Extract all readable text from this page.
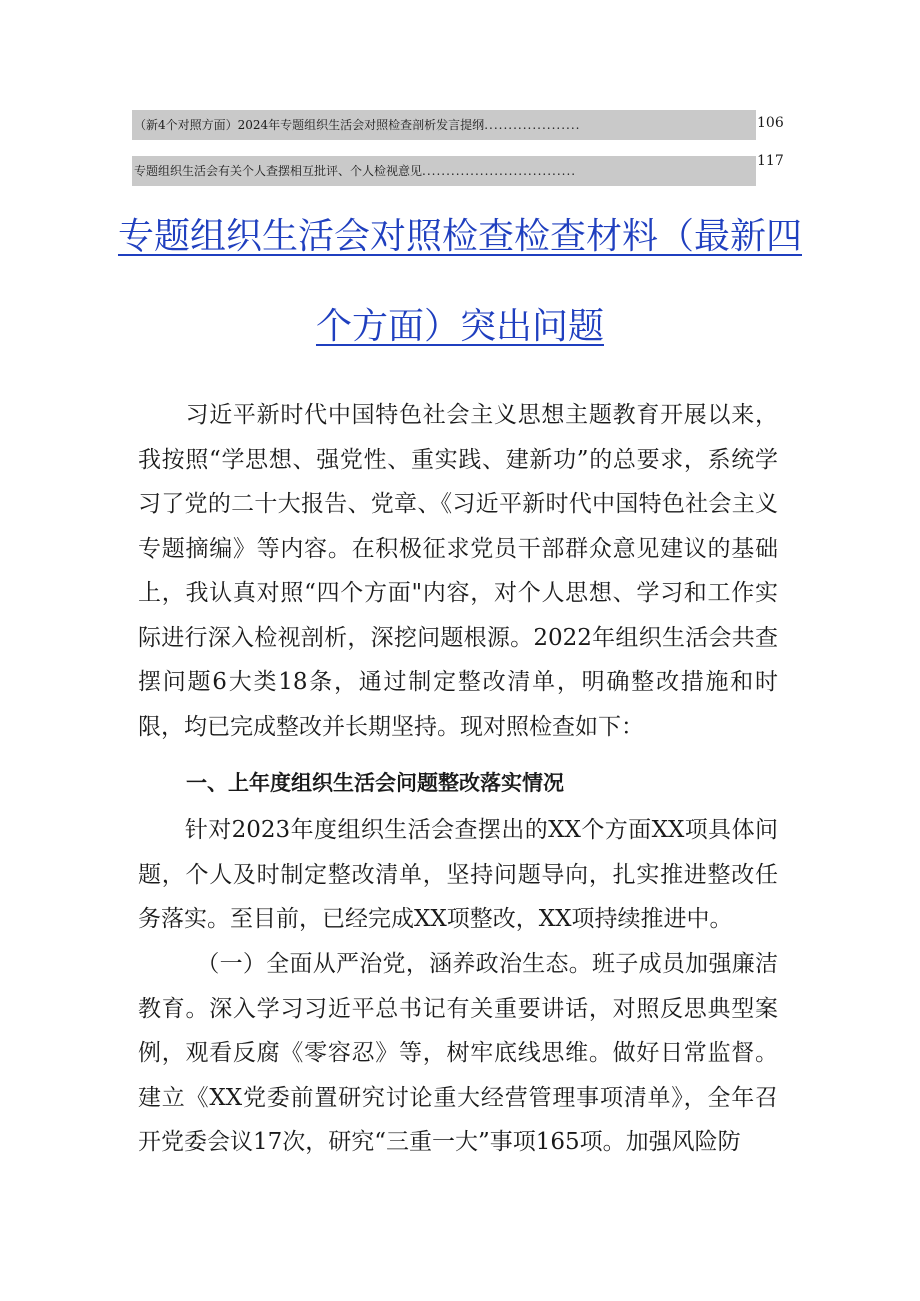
（新4个对照方面）2024年专题组织生活会对照检查剖析发言提纲....................	106
专题组织生活会有关个人查摆相互批评、个人检视意见................................
117
专题组织生活会对照检查检查材料（最新四
个方面）突出问题
　　习近平新时代中国特色社会主义思想主题教育开展以来，我按照“学思想、强党性、重实践、建新功”的总要求，系统学习了党的二十大报告、党章、《习近平新时代中国特色社会主义专题摘编》等内容。在积极征求党员干部群众意见建议的基础上，我认真对照“四个方面"内容，对个人思想、学习和工作实际进行深入检视剖析，深挖问题根源。2022年组织生活会共查摆问题6大类18条，通过制定整改清单，明确整改措施和时限，均已完成整改并长期坚持。现对照检查如下：
一、上年度组织生活会问题整改落实情况
　　针对2023年度组织生活会查摆出的XX个方面XX项具体问题，个人及时制定整改清单，坚持问题导向，扎实推进整改任务落实。至目前，已经完成XX项整改，XX项持续推进中。
　　　（一）全面从严治党，涵养政治生态。班子成员加强廉洁教育。深入学习习近平总书记有关重要讲话，对照反思典型案例，观看反腐《零容忍》等，树牢底线思维。做好日常监督。建立《XX党委前置研究讨论重大经营管理事项清单》，全年召开党委会议17次，研究“三重一大”事项165项。加强风险防
